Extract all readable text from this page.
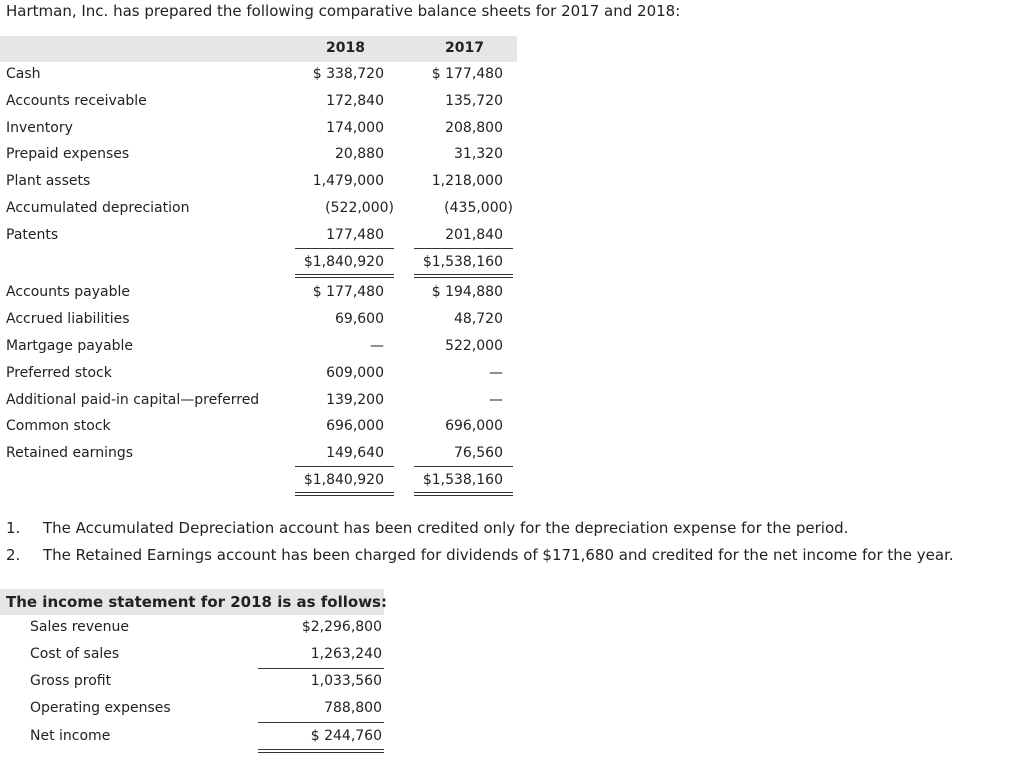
Hartman, Inc. has prepared the following comparative balance sheets for 2017 and 2018:
2018	2017
Cash	$ 338,720	$ 177,480
Accounts receivable	172,840	135,720
Inventory	174,000	208,800
Prepaid expenses	20,880	31,320
Plant assets	1,479,000	1,218,000
Accumulated depreciation	(522,000)	(435,000)
Patents	177,480	201,840
$1,840,920	$1,538,160
Accounts payable	$ 177,480	$ 194,880
Accrued liabilities	69,600	48,720
Martgage payable	—	522,000
Preferred stock	609,000	—
Additional paid-in capital—preferred	139,200	—
Common stock	696,000	696,000
Retained earnings	149,640	76,560
$1,840,920	$1,538,160
1.	The Accumulated Depreciation account has been credited only for the depreciation expense for the period.
2.	The Retained Earnings account has been charged for dividends of $171,680 and credited for the net income for the year.
The income statement for 2018 is as follows:
Sales revenue	$2,296,800
Cost of sales	1,263,240
Gross profit	1,033,560
Operating expenses	788,800
Net income	$ 244,760
